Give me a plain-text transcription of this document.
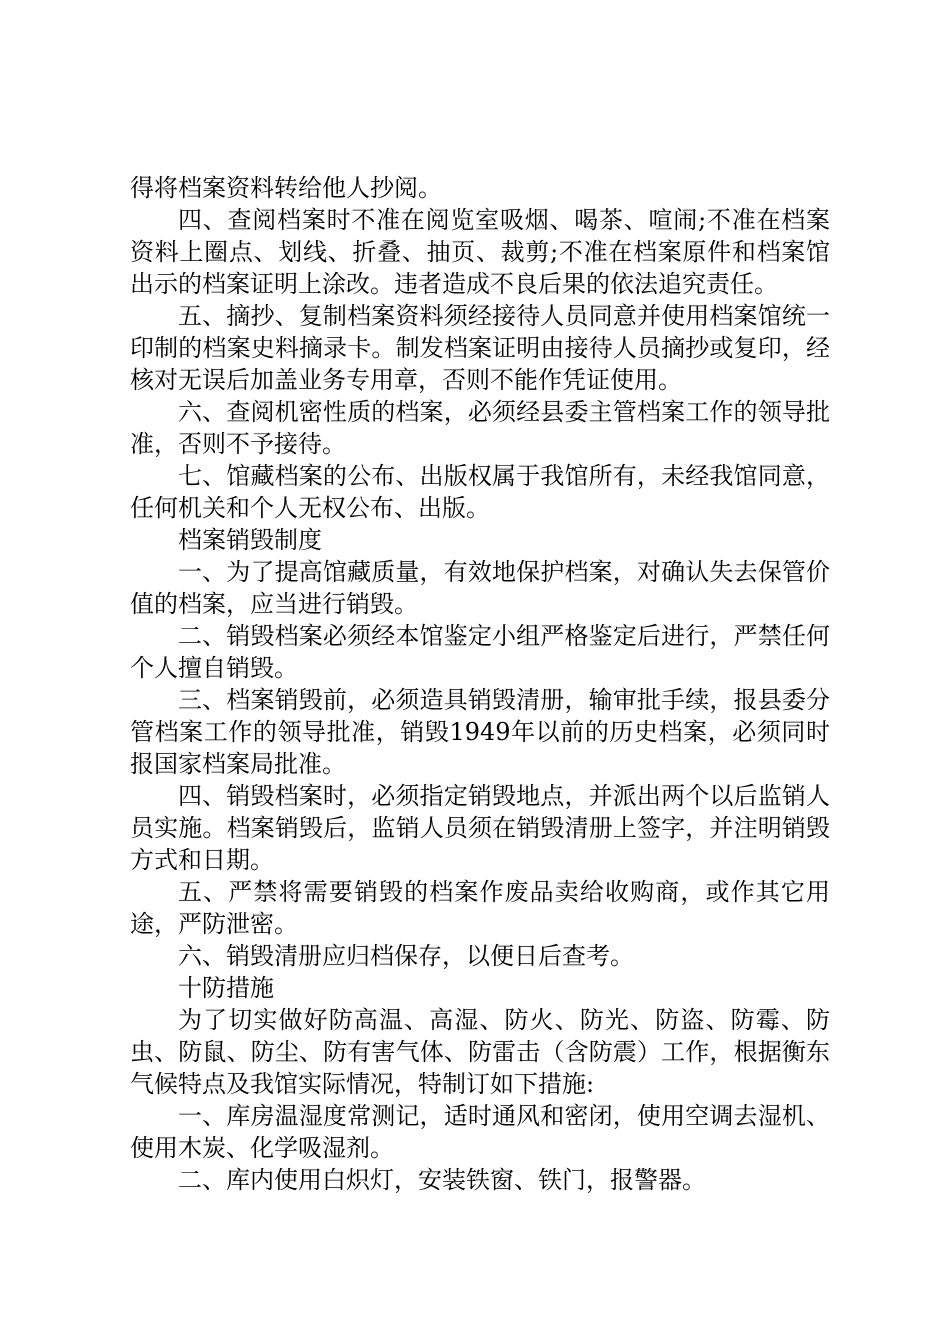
得将档案资料转给他人抄阅。

四、查阅档案时不准在阅览室吸烟、喝茶、喧闹;不准在档案资料上圈点、划线、折叠、抽页、裁剪;不准在档案原件和档案馆出示的档案证明上涂改。违者造成不良后果的依法追究责任。

五、摘抄、复制档案资料须经接待人员同意并使用档案馆统一印制的档案史料摘录卡。制发档案证明由接待人员摘抄或复印，经核对无误后加盖业务专用章，否则不能作凭证使用。

六、查阅机密性质的档案，必须经县委主管档案工作的领导批准，否则不予接待。

七、馆藏档案的公布、出版权属于我馆所有，未经我馆同意，任何机关和个人无权公布、出版。

档案销毁制度

一、为了提高馆藏质量，有效地保护档案，对确认失去保管价值的档案，应当进行销毁。

二、销毁档案必须经本馆鉴定小组严格鉴定后进行，严禁任何个人擅自销毁。

三、档案销毁前，必须造具销毁清册，输审批手续，报县委分管档案工作的领导批准，销毁1949年以前的历史档案，必须同时报国家档案局批准。

四、销毁档案时，必须指定销毁地点，并派出两个以后监销人员实施。档案销毁后，监销人员须在销毁清册上签字，并注明销毁方式和日期。

五、严禁将需要销毁的档案作废品卖给收购商，或作其它用途，严防泄密。

六、销毁清册应归档保存，以便日后查考。

十防措施

为了切实做好防高温、高湿、防火、防光、防盗、防霉、防虫、防鼠、防尘、防有害气体、防雷击（含防震）工作，根据衡东气候特点及我馆实际情况，特制订如下措施:

一、库房温湿度常测记，适时通风和密闭，使用空调去湿机、使用木炭、化学吸湿剂。

二、库内使用白炽灯，安装铁窗、铁门，报警器。
